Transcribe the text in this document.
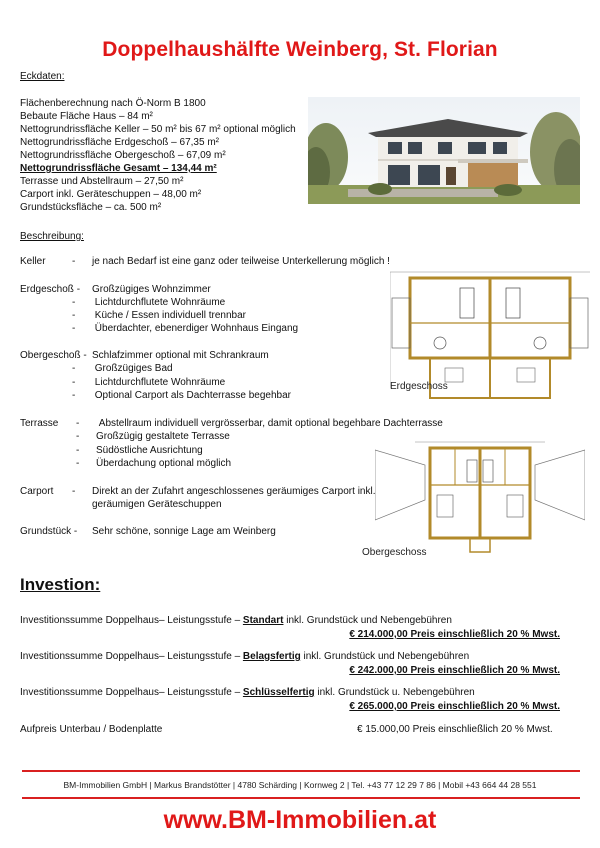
Doppelhaushälfte Weinberg, St. Florian
Eckdaten:
Flächenberechnung nach Ö-Norm B 1800
Bebaute Fläche Haus – 84 m²
Nettogrundrissfläche Keller – 50 m² bis 67 m² optional möglich
Nettogrundrissfläche Erdgeschoß – 67,35 m²
Nettogrundrissfläche Obergeschoß – 67,09 m²
Nettogrundrissfläche Gesamt – 134,44 m²
Terrasse und Abstellraum – 27,50 m²
Carport inkl. Geräteschuppen – 48,00 m²
Grundstücksfläche – ca. 500 m²
Beschreibung:
Keller	- je nach Bedarf ist eine ganz oder teilweise Unterkellerung möglich !
Erdgeschoß - Großzügiges Wohnzimmer
-       Lichtdurchflutete Wohnräume
-       Küche / Essen individuell trennbar
-       Überdachter, ebenerdiger Wohnhaus Eingang
Obergeschoß - Schlafzimmer optional mit Schrankraum
-       Großzügiges Bad
-       Lichtdurchflutete Wohnräume
-       Optional Carport als Dachterrasse begehbar
Terrasse -       Abstellraum individuell vergrösserbar, damit optional begehbare Dachterrasse
-      Großzügig gestaltete Terrasse
-      Südöstliche Ausrichtung
-      Überdachung optional möglich
Carport - Direkt an der Zufahrt angeschlossenes geräumiges Carport inkl.
geräumigen Geräteschuppen
Grundstück - Sehr schöne, sonnige Lage am Weinberg
Erdgeschoss
Obergeschoss
Investion:
Investitionssumme Doppelhaus– Leistungsstufe – Standart inkl. Grundstück und Nebengebühren
€ 214.000,00 Preis einschließlich 20 % Mwst.
Investitionssumme Doppelhaus– Leistungsstufe – Belagsfertig inkl. Grundstück und Nebengebühren
€ 242.000,00 Preis einschließlich 20 % Mwst.
Investitionssumme Doppelhaus– Leistungsstufe – Schlüsselfertig inkl. Grundstück u. Nebengebühren
€ 265.000,00 Preis einschließlich 20 % Mwst.
Aufpreis Unterbau / Bodenplatte	€ 15.000,00 Preis einschließlich 20 % Mwst.
BM-Immobilien GmbH | Markus Brandstötter | 4780 Schärding | Kornweg 2 | Tel. +43 77 12 29 7 86 | Mobil +43 664 44 28 551
www.BM-Immobilien.at
